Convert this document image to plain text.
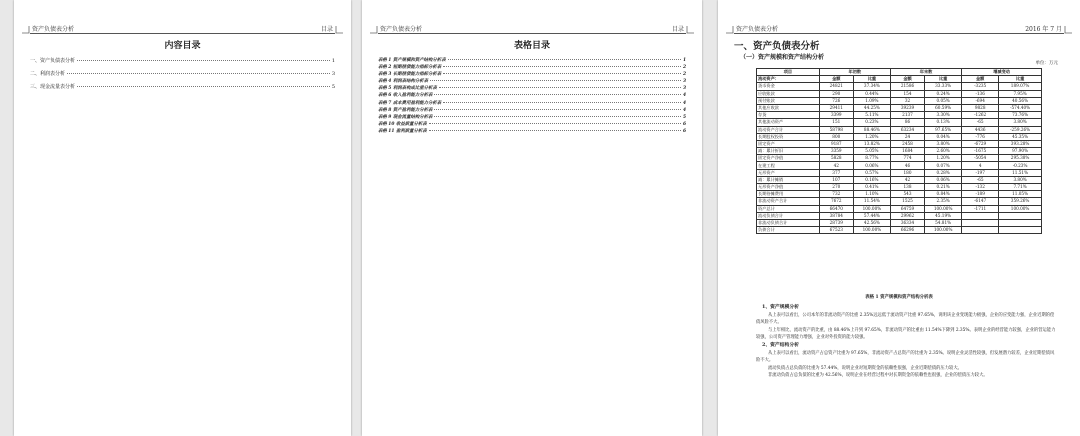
资产负债表分析	目录
内容目录
一、资产负债表分析	1
二、利润表分析	3
三、现金流量表分析	5
资产负债表分析	目录
表格目录
表格 1 资产规模和资产结构分析表	1
表格 2 短期偿债能力指标分析表	2
表格 3 长期偿债能力指标分析表	2
表格 4 利润表结构分析表	3
表格 5 利润表构成比重分析表	3
表格 6 收入盈利能力分析表	4
表格 7 成本费用盈利能力分析表	4
表格 8 资产盈利能力分析表	4
表格 9 现金流量结构分析表	5
表格 10 收益质量分析表	6
表格 11 盈利质量分析表	6
资产负债表分析	2016 年 7 月
一、资产负债表分析
（一）资产规模和资产结构分析
单位：万元
项目	年初数		年末数		增减变动	
流动资产：	金额	比重	金额	比重	金额	比重
货币资金	24821	37.34%	21586	33.33%	-3235	189.07%
应收账款	290	0.44%	154	0.24%	-136	7.95%
预付账款	726	1.09%	32	0.05%	-694	40.56%
其他应收款	29411	44.25%	39239	60.59%	9828	-574.40%
存货	3399	5.11%	2137	3.30%	-1262	73.76%
其他流动资产	151	0.23%	86	0.13%	-65	3.80%
流动资产合计	58798	88.46%	63234	97.65%	4436	-259.26%
长期股权投资	800	1.20%	24	0.04%	-776	45.35%
固定资产	9187	13.82%	2458	3.80%	-6729	393.28%
减：累计折旧	3359	5.05%	1684	2.60%	-1675	97.90%
固定资产净值	5828	8.77%	774	1.20%	-5054	295.38%
在建工程	42	0.06%	46	0.07%	4	-0.23%
无形资产	377	0.57%	180	0.28%	-197	11.51%
减：累计摊销	107	0.16%	42	0.06%	-65	3.80%
无形资产净值	270	0.41%	138	0.21%	-132	7.71%
长期待摊费用	732	1.10%	543	0.84%	-189	11.05%
非流动资产合计	7672	11.54%	1525	2.35%	-6147	359.26%
资产总计	66470	100.00%	64759	100.00%	-1711	100.00%
流动负债合计	38784	57.44%	29962	45.19%		
非流动负债合计	28739	42.56%	36334	54.81%		
负债合计	67523	100.00%	66296	100.00%		
表格 1 资产规模和资产结构分析表
1、资产规模分析
从上表可以看出，公司本年的非流动资产的比重 2.35%远远低于流动资产比重 97.65%，说明该企业变现能力极强，企业的应变能力强，企业近期的偿债风险不大。
与上年相比，流动资产的比重，由 88.46%上升到 97.65%，非流动资产的比重由 11.54%下降到 2.35%。表明企业的经营能力较强，企业的营运能力较强，公司资产管理能力增强，企业对外投资的能力较强。
2、资产结构分析
从上表可以看出，流动资产占总资产比重为 97.65%，非流动资产占总资产的比重为 2.35%。说明企业灵活性较强，但发展潜力较差，企业近期偿债风险不大。
流动负债占总负债的比重为 57.44%，说明企业对短期资金的依赖性很强，企业近期偿债的压力较大。
非流动负债占总负债的比重为 42.56%，说明企业在经营过程中对长期资金的依赖性也很强，企业的偿债压力较大。
